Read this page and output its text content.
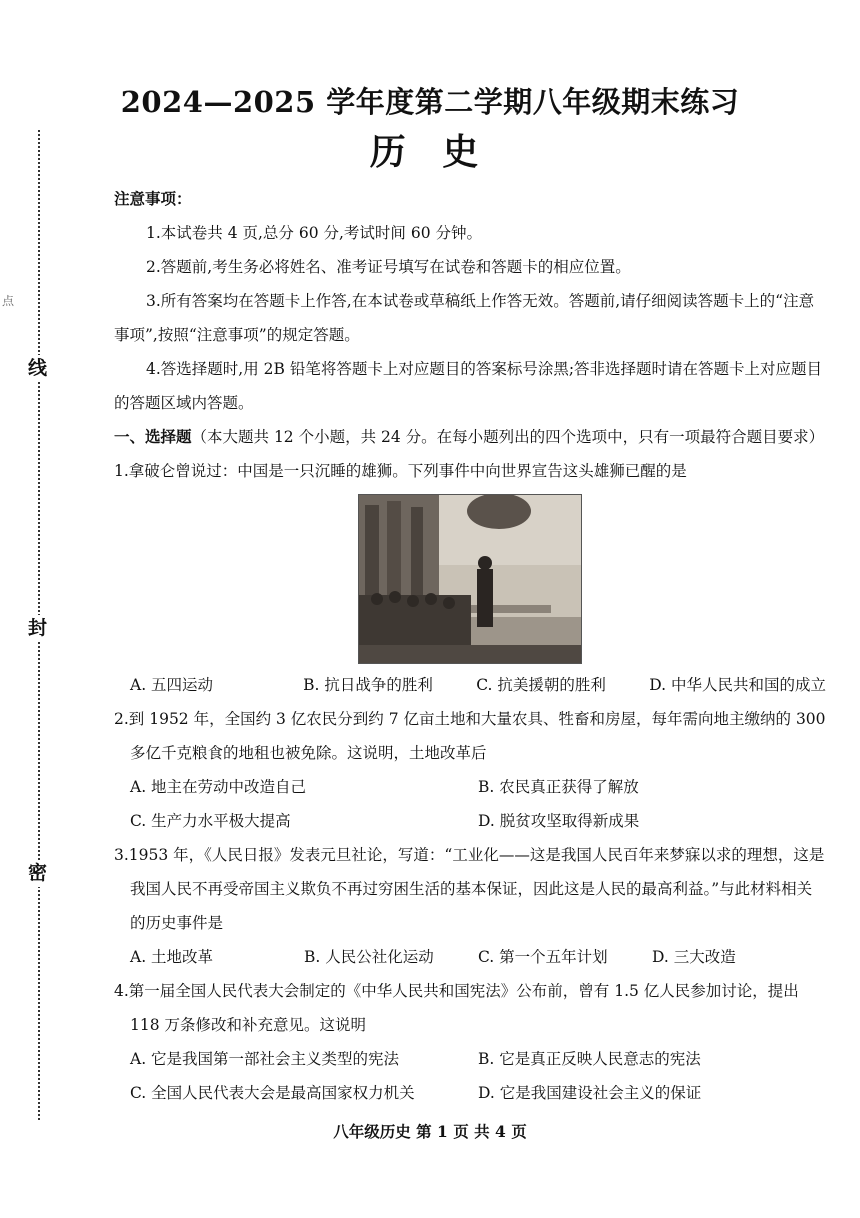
线
封
密
点
2024—2025 学年度第二学期八年级期末练习
历 史

注意事项：

1.本试卷共 4 页,总分 60 分,考试时间 60 分钟。

2.答题前,考生务必将姓名、准考证号填写在试卷和答题卡的相应位置。

3.所有答案均在答题卡上作答,在本试卷或草稿纸上作答无效。答题前,请仔细阅读答题卡上的“注意事项”,按照“注意事项”的规定答题。

4.答选择题时,用 2B 铅笔将答题卡上对应题目的答案标号涂黑;答非选择题时请在答题卡上对应题目的答题区域内答题。

一、选择题（本大题共 12 个小题，共 24 分。在每小题列出的四个选项中，只有一项最符合题目要求）

1.拿破仑曾说过：中国是一只沉睡的雄狮。下列事件中向世界宣告这头雄狮已醒的是

A. 五四运动	B. 抗日战争的胜利	C. 抗美援朝的胜利	D. 中华人民共和国的成立

2.到 1952 年，全国约 3 亿农民分到约 7 亿亩土地和大量农具、牲畜和房屋，每年需向地主缴纳的 300 多亿千克粮食的地租也被免除。这说明，土地改革后

A. 地主在劳动中改造自己	B. 农民真正获得了解放
C. 生产力水平极大提高	D. 脱贫攻坚取得新成果

3.1953 年，《人民日报》发表元旦社论，写道：“工业化——这是我国人民百年来梦寐以求的理想，这是我国人民不再受帝国主义欺负不再过穷困生活的基本保证，因此这是人民的最高利益。”与此材料相关的历史事件是

A. 土地改革	B. 人民公社化运动	C. 第一个五年计划	D. 三大改造

4.第一届全国人民代表大会制定的《中华人民共和国宪法》公布前，曾有 1.5 亿人民参加讨论，提出 118 万条修改和补充意见。这说明

A. 它是我国第一部社会主义类型的宪法	B. 它是真正反映人民意志的宪法
C. 全国人民代表大会是最高国家权力机关	D. 它是我国建设社会主义的保证
八年级历史 第 1 页 共 4 页
